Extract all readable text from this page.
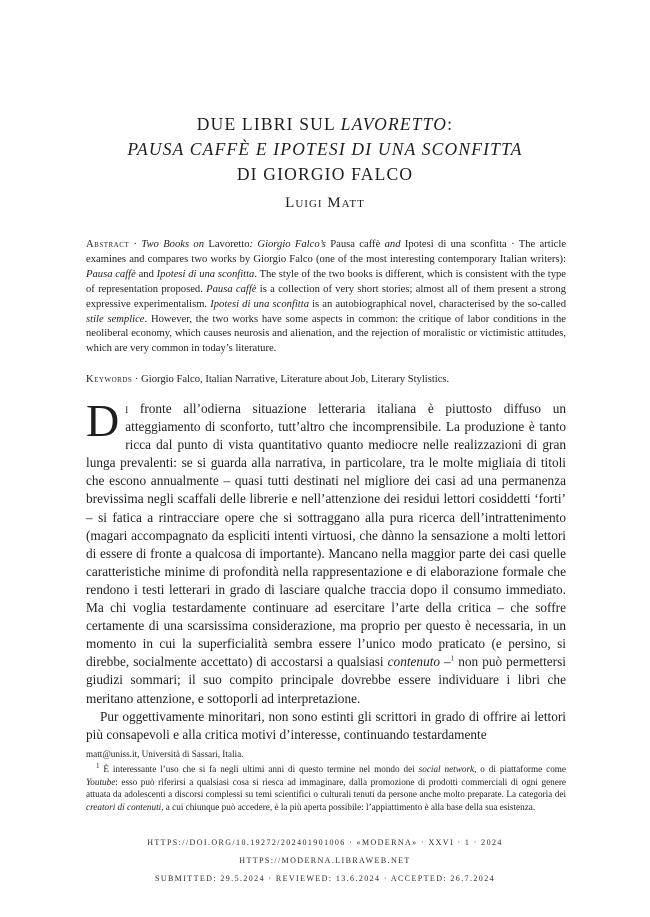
DUE LIBRI SUL LAVORETTO:
PAUSA CAFFÈ E IPOTESI DI UNA SCONFITTA
DI GIORGIO FALCO
Luigi Matt
Abstract · Two Books on Lavoretto: Giorgio Falco’s Pausa caffè and Ipotesi di una sconfitta · The article examines and compares two works by Giorgio Falco (one of the most interesting contemporary Italian writers): Pausa caffè and Ipotesi di una sconfitta. The style of the two books is different, which is consistent with the type of representation proposed. Pausa caffè is a collection of very short stories; almost all of them present a strong expressive experimentalism. Ipotesi di una sconfitta is an autobiographical novel, characterised by the so-called stile semplice. However, the two works have some aspects in common: the critique of labor conditions in the neoliberal economy, which causes neurosis and alienation, and the rejection of moralistic or victimistic attitudes, which are very common in today’s literature.
Keywords · Giorgio Falco, Italian Narrative, Literature about Job, Literary Stylistics.

Di fronte all’odierna situazione letteraria italiana è piuttosto diffuso un atteggiamento di sconforto, tutt’altro che incomprensibile. La produzione è tanto ricca dal punto di vista quantitativo quanto mediocre nelle realizzazioni di gran lunga prevalenti: se si guarda alla narrativa, in particolare, tra le molte migliaia di titoli che escono annualmente – quasi tutti destinati nel migliore dei casi ad una permanenza brevissima negli scaffali delle librerie e nell’attenzione dei residui lettori cosiddetti ‘forti’ – si fatica a rintracciare opere che si sottraggano alla pura ricerca dell’intrattenimento (magari accompagnato da espliciti intenti virtuosi, che dànno la sensazione a molti lettori di essere di fronte a qualcosa di importante). Mancano nella maggior parte dei casi quelle caratteristiche minime di profondità nella rappresentazione e di elaborazione formale che rendono i testi letterari in grado di lasciare qualche traccia dopo il consumo immediato. Ma chi voglia testardamente continuare ad esercitare l’arte della critica – che soffre certamente di una scarsissima considerazione, ma proprio per questo è necessaria, in un momento in cui la superficialità sembra essere l’unico modo praticato (e persino, si direbbe, socialmente accettato) di accostarsi a qualsiasi contenuto –$^1$ non può permettersi giudizi sommari; il suo compito principale dovrebbe essere individuare i libri che meritano attenzione, e sottoporli ad interpretazione.

Pur oggettivamente minoritari, non sono estinti gli scrittori in grado di offrire ai lettori più consapevoli e alla critica motivi d’interesse, continuando testardamente

matt@uniss.it, Università di Sassari, Italia.

$^1$ È interessante l’uso che si fa negli ultimi anni di questo termine nel mondo dei social network, o di piattaforme come Youtube: esso può riferirsi a qualsiasi cosa si riesca ad immaginare, dalla promozione di prodotti commerciali di ogni genere attuata da adolescenti a discorsi complessi su temi scientifici o culturali tenuti da persone anche molto preparate. La categoria dei creatori di contenuti, a cui chiunque può accedere, è la più aperta possibile: l’appiattimento è alla base della sua esistenza.

HTTPS://DOI.ORG/10.19272/202401901006 · «MODERNA» · XXVI · 1 · 2024
HTTPS://MODERNA.LIBRAWEB.NET
SUBMITTED: 29.5.2024 · REVIEWED: 13.6.2024 · ACCEPTED: 26.7.2024
